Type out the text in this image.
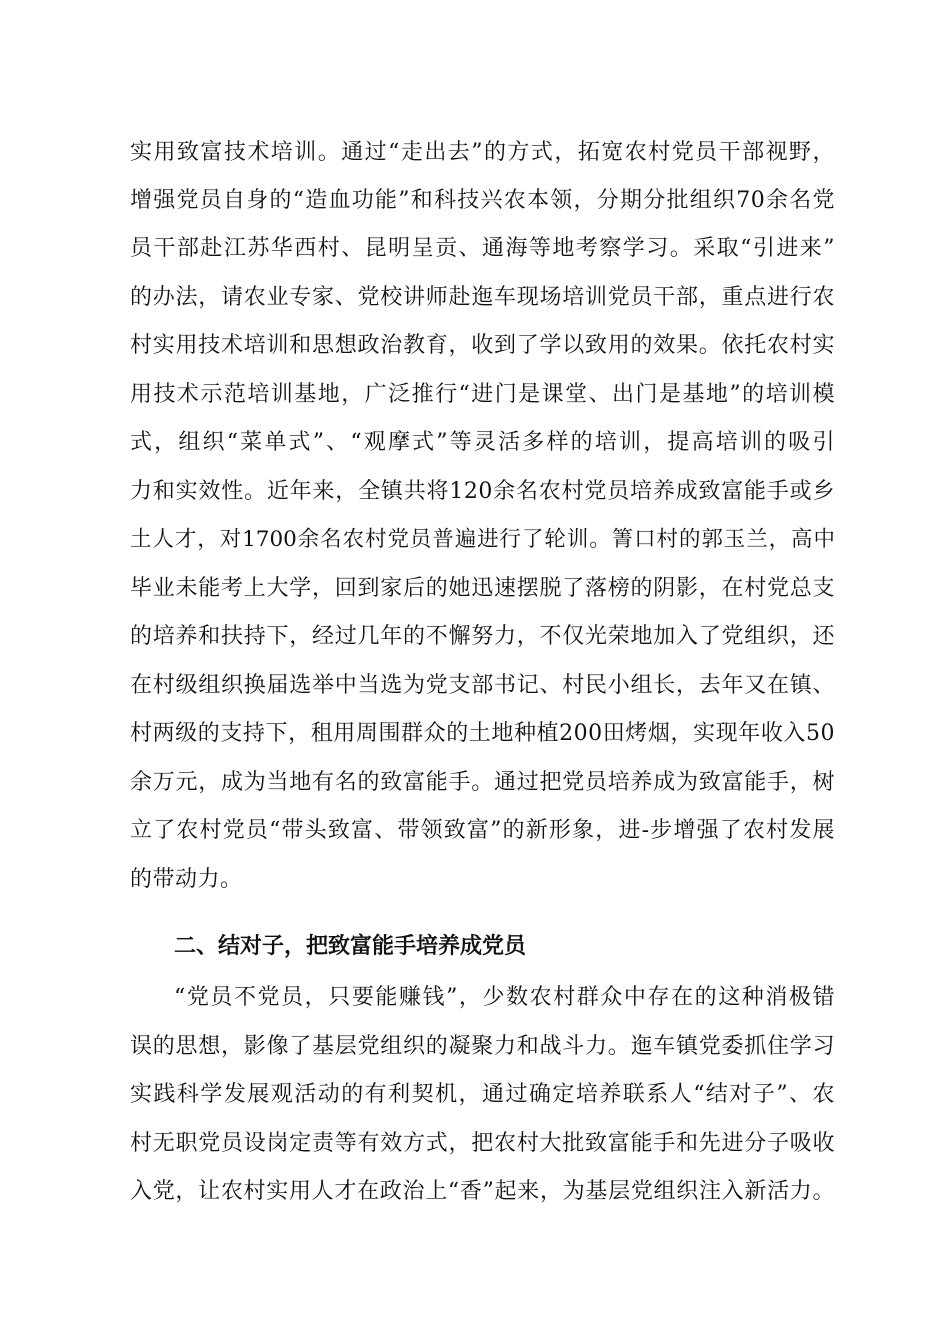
实用致富技术培训。通过“走出去”的方式，拓宽农村党员干部视野，
增强党员自身的“造血功能”和科技兴农本领，分期分批组织70余名党
员干部赴江苏华西村、昆明呈贡、通海等地考察学习。采取“引进来”
的办法，请农业专家、党校讲师赴迤车现场培训党员干部，重点进行农
村实用技术培训和思想政治教育，收到了学以致用的效果。依托农村实
用技术示范培训基地，广泛推行“进门是课堂、出门是基地”的培训模
式，组织“菜单式”、“观摩式”等灵活多样的培训，提高培训的吸引
力和实效性。近年来，全镇共将120余名农村党员培养成致富能手或乡
土人才，对1700余名农村党员普遍进行了轮训。箐口村的郭玉兰，高中
毕业未能考上大学，回到家后的她迅速摆脱了落榜的阴影，在村党总支
的培养和扶持下，经过几年的不懈努力，不仅光荣地加入了党组织，还
在村级组织换届选举中当选为党支部书记、村民小组长，去年又在镇、
村两级的支持下，租用周围群众的土地种植200田烤烟，实现年收入50
余万元，成为当地有名的致富能手。通过把党员培养成为致富能手，树
立了农村党员“带头致富、带领致富”的新形象，进-步增强了农村发展
的带动力。
二、结对子，把致富能手培养成党员
“党员不党员，只要能赚钱”，少数农村群众中存在的这种消极错
误的思想，影像了基层党组织的凝聚力和战斗力。迤车镇党委抓住学习
实践科学发展观活动的有利契机，通过确定培养联系人“结对子”、农
村无职党员设岗定责等有效方式，把农村大批致富能手和先进分子吸收
入党，让农村实用人才在政治上“香”起来，为基层党组织注入新活力。
